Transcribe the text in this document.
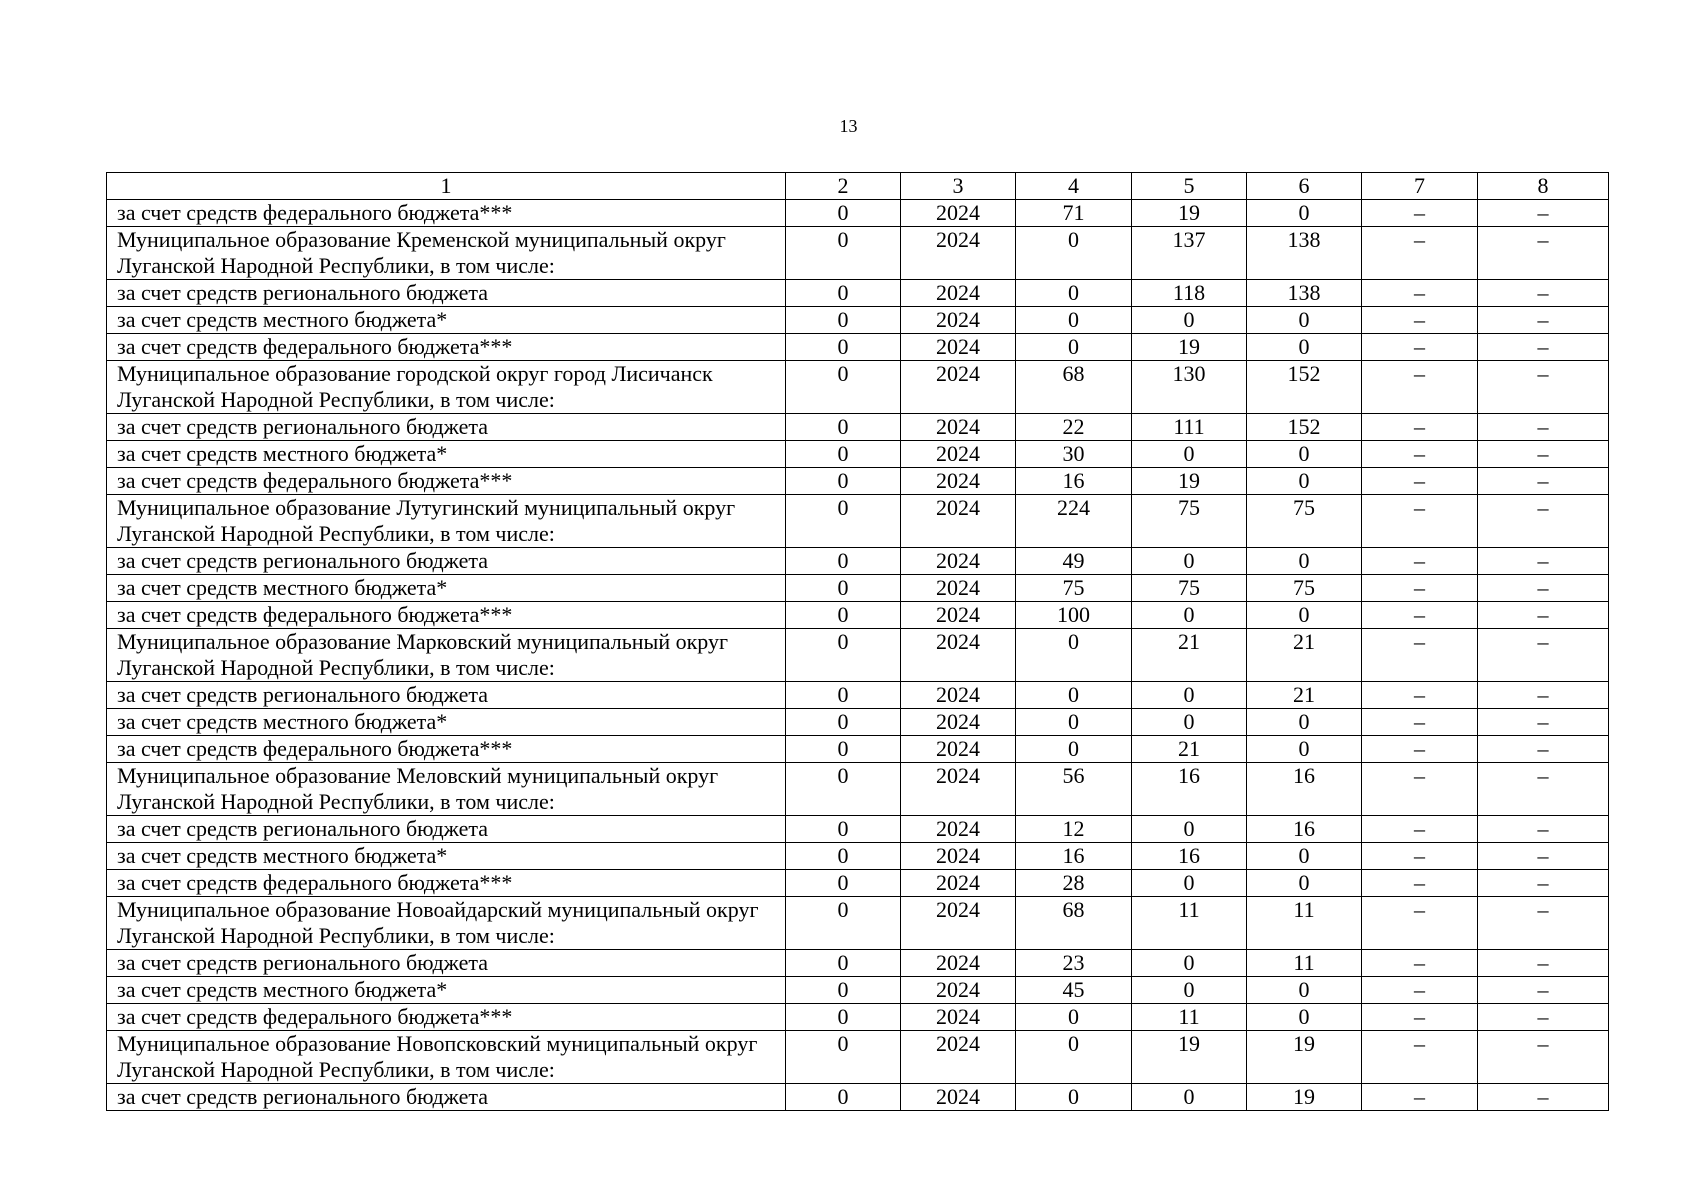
13
1	2	3	4	5	6	7	8
за счет средств федерального бюджета***	0	2024	71	19	0	–	–
Муниципальное образование Кременской муниципальный округ Луганской Народной Республики, в том числе:	0	2024	0	137	138	–	–
за счет средств регионального бюджета	0	2024	0	118	138	–	–
за счет средств местного бюджета*	0	2024	0	0	0	–	–
за счет средств федерального бюджета***	0	2024	0	19	0	–	–
Муниципальное образование городской округ город Лисичанск Луганской Народной Республики, в том числе:	0	2024	68	130	152	–	–
за счет средств регионального бюджета	0	2024	22	111	152	–	–
за счет средств местного бюджета*	0	2024	30	0	0	–	–
за счет средств федерального бюджета***	0	2024	16	19	0	–	–
Муниципальное образование Лутугинский муниципальный округ Луганской Народной Республики, в том числе:	0	2024	224	75	75	–	–
за счет средств регионального бюджета	0	2024	49	0	0	–	–
за счет средств местного бюджета*	0	2024	75	75	75	–	–
за счет средств федерального бюджета***	0	2024	100	0	0	–	–
Муниципальное образование Марковский муниципальный округ Луганской Народной Республики, в том числе:	0	2024	0	21	21	–	–
за счет средств регионального бюджета	0	2024	0	0	21	–	–
за счет средств местного бюджета*	0	2024	0	0	0	–	–
за счет средств федерального бюджета***	0	2024	0	21	0	–	–
Муниципальное образование Меловский муниципальный округ Луганской Народной Республики, в том числе:	0	2024	56	16	16	–	–
за счет средств регионального бюджета	0	2024	12	0	16	–	–
за счет средств местного бюджета*	0	2024	16	16	0	–	–
за счет средств федерального бюджета***	0	2024	28	0	0	–	–
Муниципальное образование Новоайдарский муниципальный округ Луганской Народной Республики, в том числе:	0	2024	68	11	11	–	–
за счет средств регионального бюджета	0	2024	23	0	11	–	–
за счет средств местного бюджета*	0	2024	45	0	0	–	–
за счет средств федерального бюджета***	0	2024	0	11	0	–	–
Муниципальное образование Новопсковский муниципальный округ Луганской Народной Республики, в том числе:	0	2024	0	19	19	–	–
за счет средств регионального бюджета	0	2024	0	0	19	–	–
